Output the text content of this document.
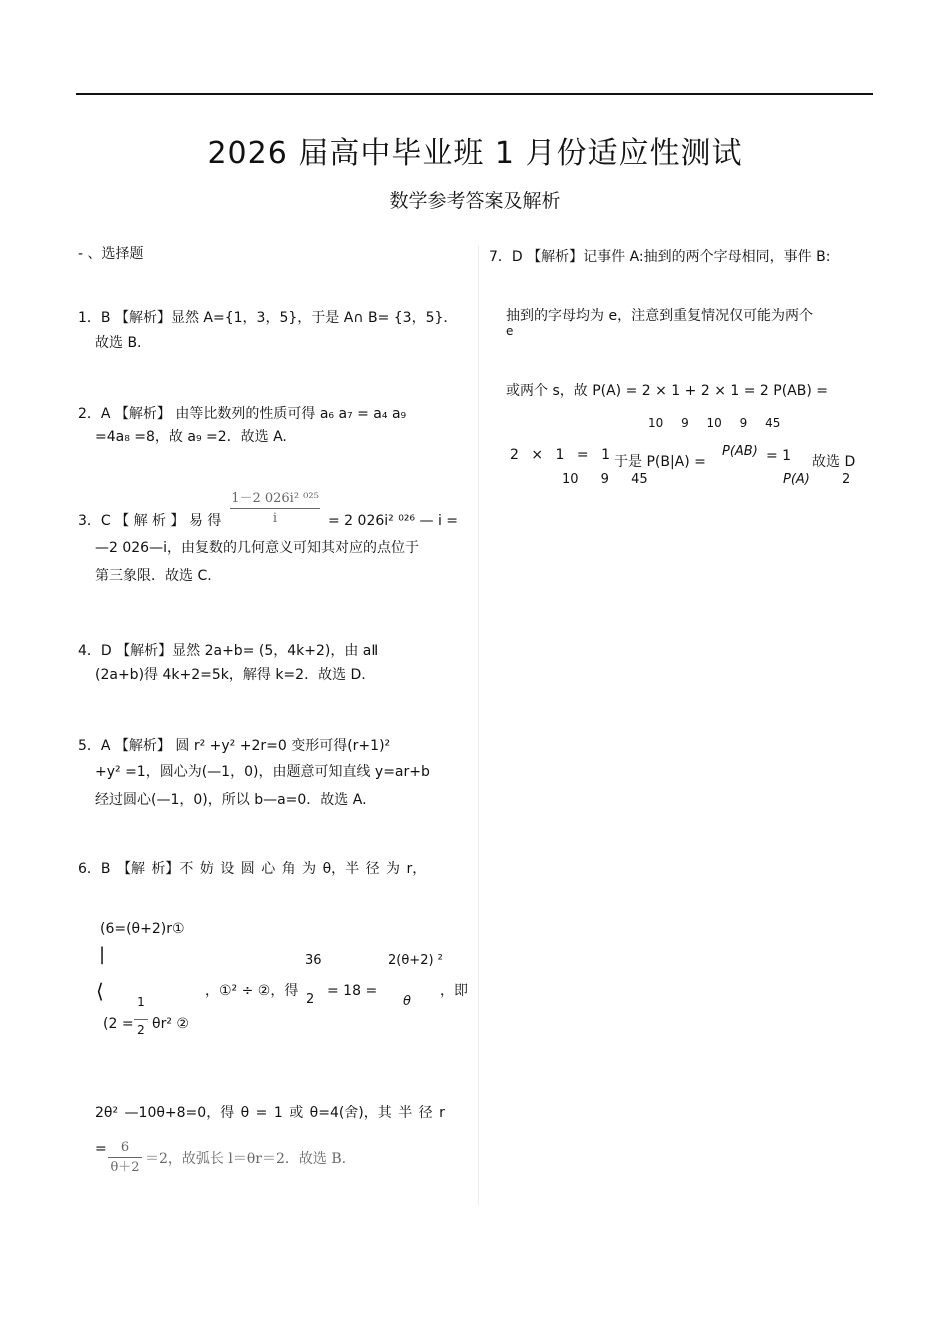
2026 届高中毕业班 1 月份适应性测试
数学参考答案及解析
- 、选择题
1．B 【解析】显然 A={1，3，5}，于是 A∩ B= {3，5}．
故选 B.
2．A 【解析】 由等比数列的性质可得 a₆ a₇ = a₄ a₉
=4a₈ =8，故 a₉ =2．故选 A.
3．C 【 解 析 】 易 得
1－2 026i² ⁰²⁵
i	= 2 026i² ⁰²⁶ — i =
—2 026—i，由复数的几何意义可知其对应的点位于
第三象限．故选 C.
4．D 【解析】显然 2a+b= (5，4k+2)，由 aⅡ
(2a+b)得 4k+2=5k，解得 k=2．故选 D.
5．A 【解析】 圆 r² +y² +2r=0 变形可得(r+1)²
+y² =1，圆心为(—1，0)，由题意可知直线 y=ar+b
经过圆心(—1，0)，所以 b—a=0．故选 A.
6．B 【解 析】不 妨 设 圆 心 角 为 θ，半 径 为 r，
(6=(θ+2)r①
|
⟨
36	2(θ+2) ²
，①² ÷ ②，得
2
= 18 =
θ
，即
(2 =
1
2 θr² ②
2θ² —10θ+8=0，得 θ = 1 或 θ=4(舍)，其 半 径 r
=	6
θ＋2
＝2，故弧长 l＝θr＝2．故选 B.
7．D 【解析】记事件 A:抽到的两个字母相同，事件 B:
抽到的字母均为 e，注意到重复情况仅可能为两个
e
或两个 s，故 P(A) = 2 × 1 + 2 × 1 = 2 P(AB) =
10 9 10 9 45
2 × 1 = 1 于是 P(B|A) =
P(AB) = 1 故选 D
10 9 45	P(A) 2
